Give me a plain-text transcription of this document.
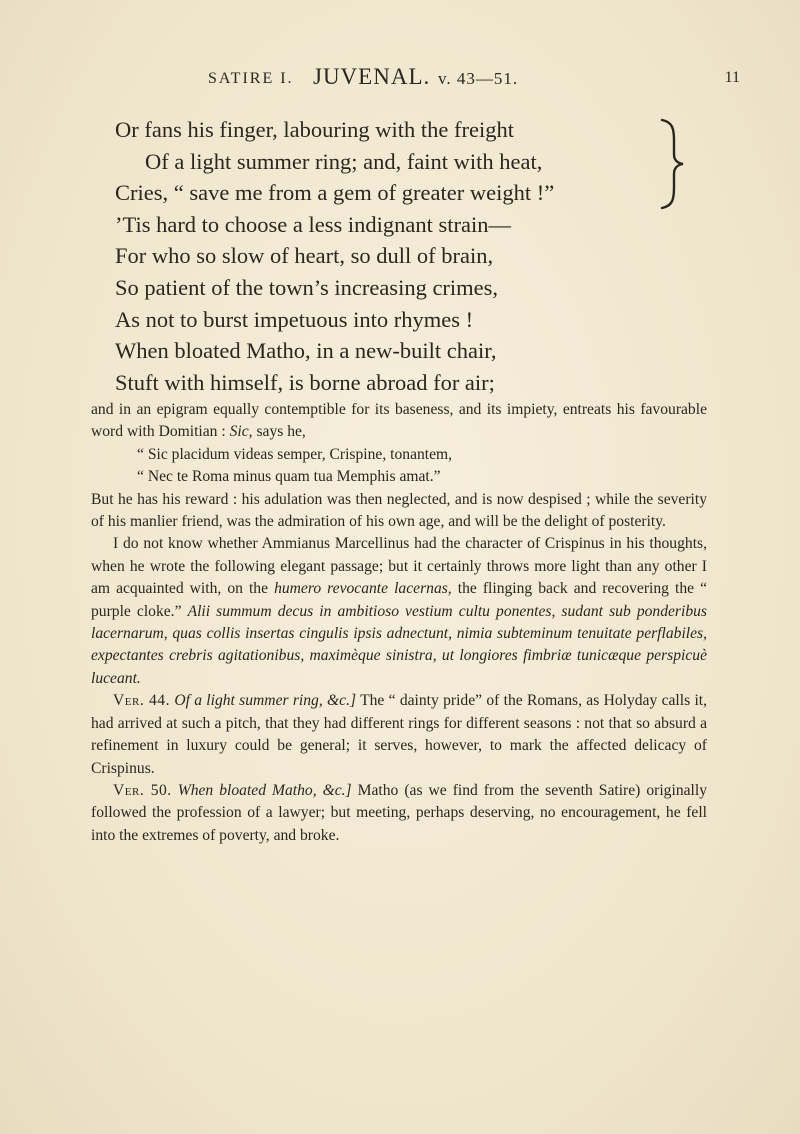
SATIRE I. JUVENAL. v. 43—51.	11
Or fans his finger, labouring with the freight
Of a light summer ring; and, faint with heat,
Cries, “ save me from a gem of greater weight !”
’Tis hard to choose a less indignant strain—
For who so slow of heart, so dull of brain,
So patient of the town’s increasing crimes,
As not to burst impetuous into rhymes !
When bloated Matho, in a new-built chair,
Stuft with himself, is borne abroad for air;

and in an epigram equally contemptible for its baseness, and its impiety, entreats his favourable word with Domitian : Sic, says he,

“ Sic placidum videas semper, Crispine, tonantem,

“ Nec te Roma minus quam tua Memphis amat.”

But he has his reward : his adulation was then neglected, and is now despised ; while the severity of his manlier friend, was the admiration of his own age, and will be the delight of posterity.

I do not know whether Ammianus Marcellinus had the character of Crispinus in his thoughts, when he wrote the following elegant passage; but it certainly throws more light than any other I am acquainted with, on the humero revocante lacernas, the flinging back and recovering the “ purple cloke.” Alii summum decus in ambitioso vestium cultu ponentes, sudant sub ponderibus lacernarum, quas collis insertas cingulis ipsis adnectunt, nimia subteminum tenuitate perflabiles, expectantes crebris agitationibus, maximèque sinistra, ut longiores fimbriæ tunicæque perspicuè luceant.

Ver. 44. Of a light summer ring, &c.] The “ dainty pride” of the Romans, as Holyday calls it, had arrived at such a pitch, that they had different rings for different seasons : not that so absurd a refinement in luxury could be general; it serves, however, to mark the affected delicacy of Crispinus.

Ver. 50. When bloated Matho, &c.] Matho (as we find from the seventh Satire) originally followed the profession of a lawyer; but meeting, perhaps deserving, no encouragement, he fell into the extremes of poverty, and broke.
